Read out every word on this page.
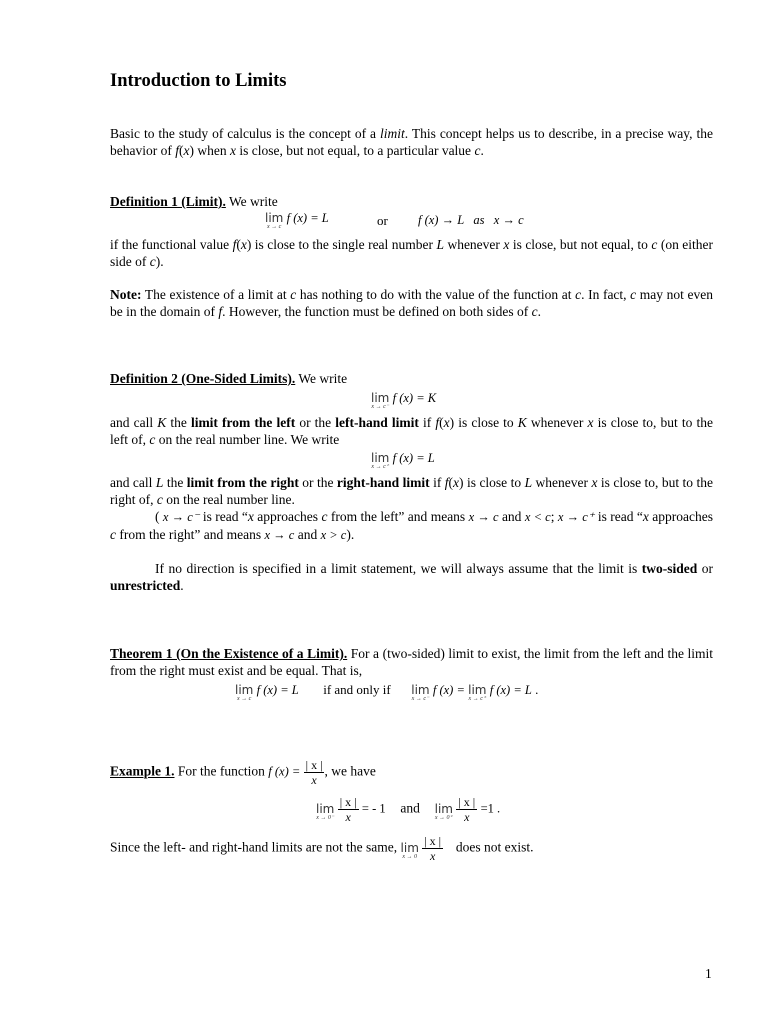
Introduction to Limits

Basic to the study of calculus is the concept of a limit. This concept helps us to describe, in a precise way, the behavior of f(x) when x is close, but not equal, to a particular value c.

Definition 1 (Limit). We write

lim
x → c
f (x) = L	or f (x) → L   as   x → c

if the functional value f(x) is close to the single real number L whenever x is close, but not equal, to c (on either side of c).

Note: The existence of a limit at c has nothing to do with the value of the function at c. In fact, c may not even be in the domain of f. However, the function must be defined on both sides of c.

Definition 2 (One-Sided Limits). We write

lim
x → c⁻
f (x) = K

and call K the limit from the left or the left-hand limit if f(x) is close to K whenever x is close to, but to the left of, c on the real number line. We write

lim
x → c⁺
f (x) = L

and call L the limit from the right or the right-hand limit if f(x) is close to L whenever x is close to, but to the right of, c on the real number line.

( x → c⁻ is read “x approaches c from the left” and means x → c and x < c; x → c⁺ is read “x approaches c from the right” and means x → c and x > c).

If no direction is specified in a limit statement, we will always assume that the limit is two-sided or unrestricted.

Theorem 1 (On the Existence of a Limit). For a (two-sided) limit to exist, the limit from the left and the limit from the right must exist and be equal. That is,

lim
x → c
f (x) = L if and only if lim
x → c⁻
f (x) = lim
x → c⁺
f (x) = L .
Example 1. For the function f $(x) = \frac{| x |}{x}$ , we have
lim
x → 0⁻
$\frac{| x |}{x}$ = - 1 and lim
x → 0⁺
$\frac{| x |}{x} =1$ .
Since the left- and right-hand limits are not the same, lim
x → 0
$\frac{| x |}{x}$ does not exist.
1
